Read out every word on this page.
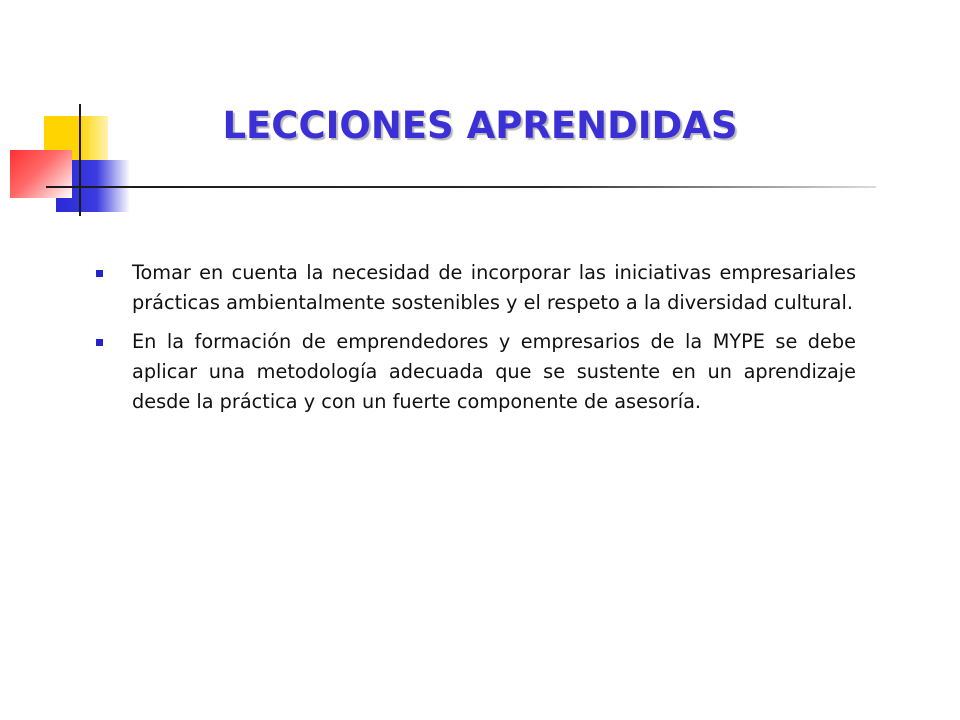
LECCIONES APRENDIDAS
Tomar en cuenta la necesidad de incorporar las iniciativas empresariales prácticas ambientalmente sostenibles y el respeto a la diversidad cultural.
En la formación de emprendedores y empresarios de la MYPE se debe aplicar una metodología adecuada que se sustente en un aprendizaje desde la práctica y con un fuerte componente de asesoría.
